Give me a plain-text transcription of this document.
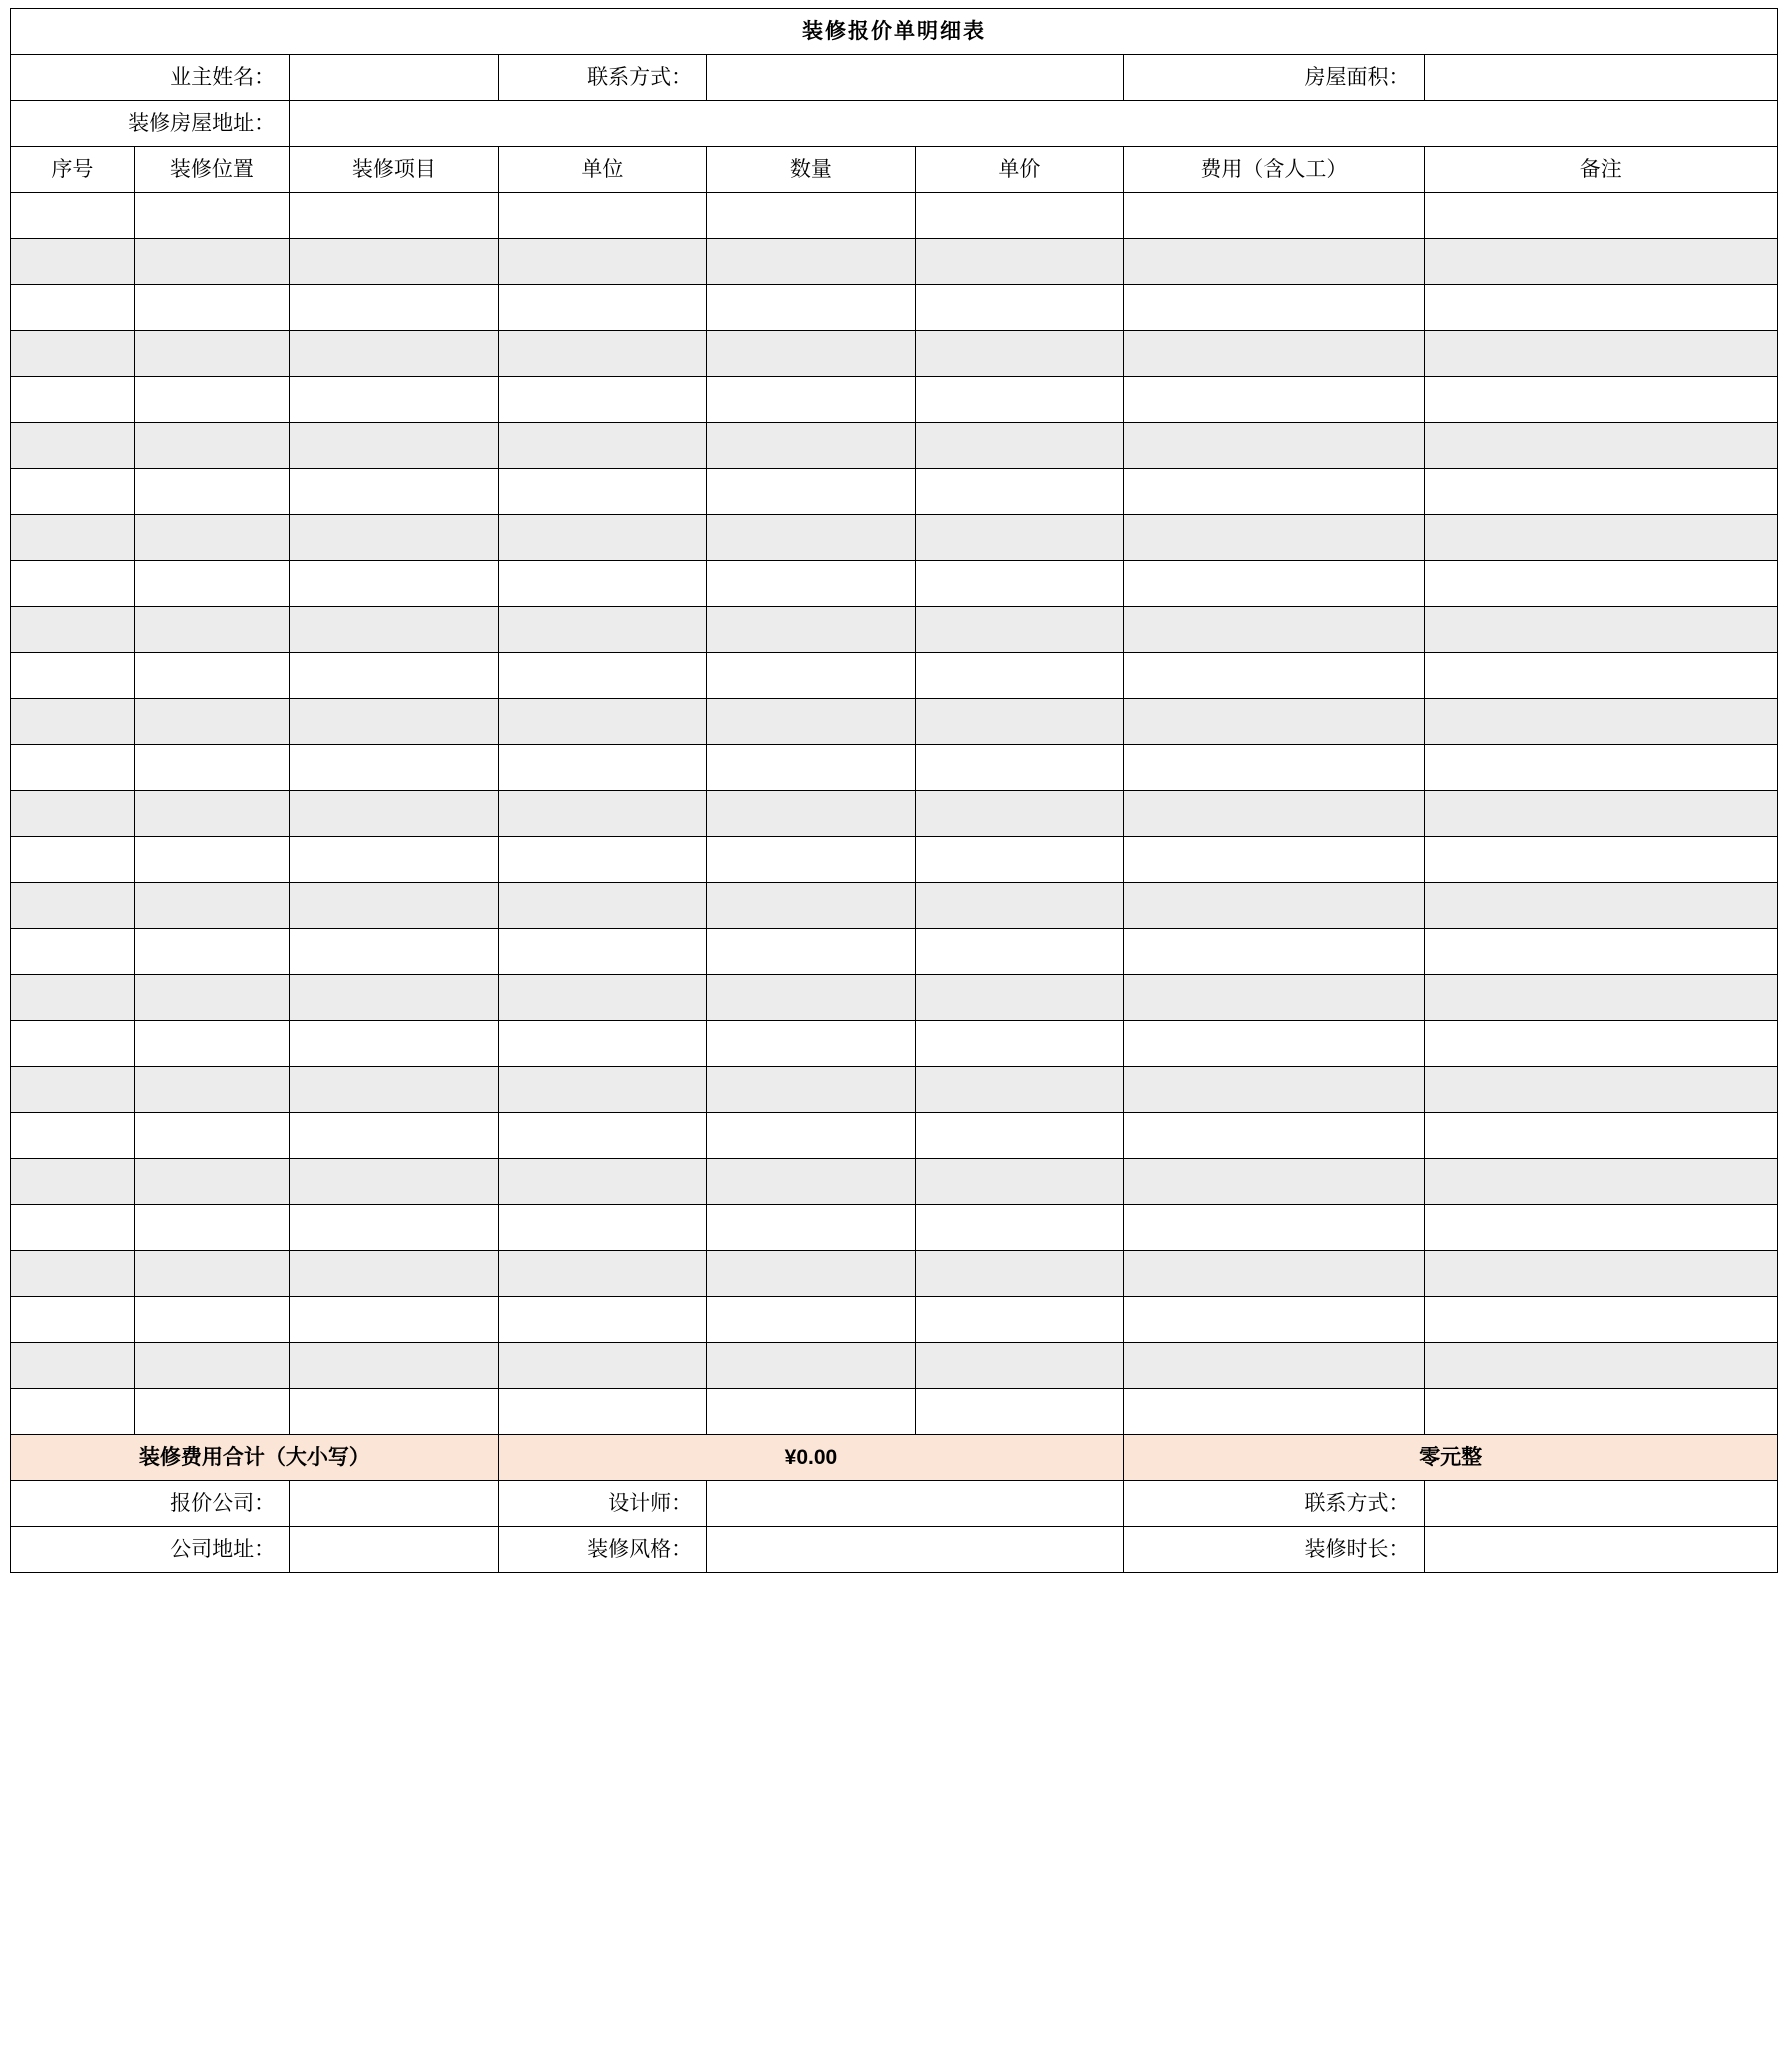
装修报价单明细表							
业主姓名：			联系方式：			房屋面积：	
装修房屋地址：							
序号	装修位置	装修项目	单位	数量	单价	费用（含人工）	备注

装修费用合计（大小写）			¥0.00			零元整	
报价公司：			设计师：			联系方式：	
公司地址：			装修风格：			装修时长：	
